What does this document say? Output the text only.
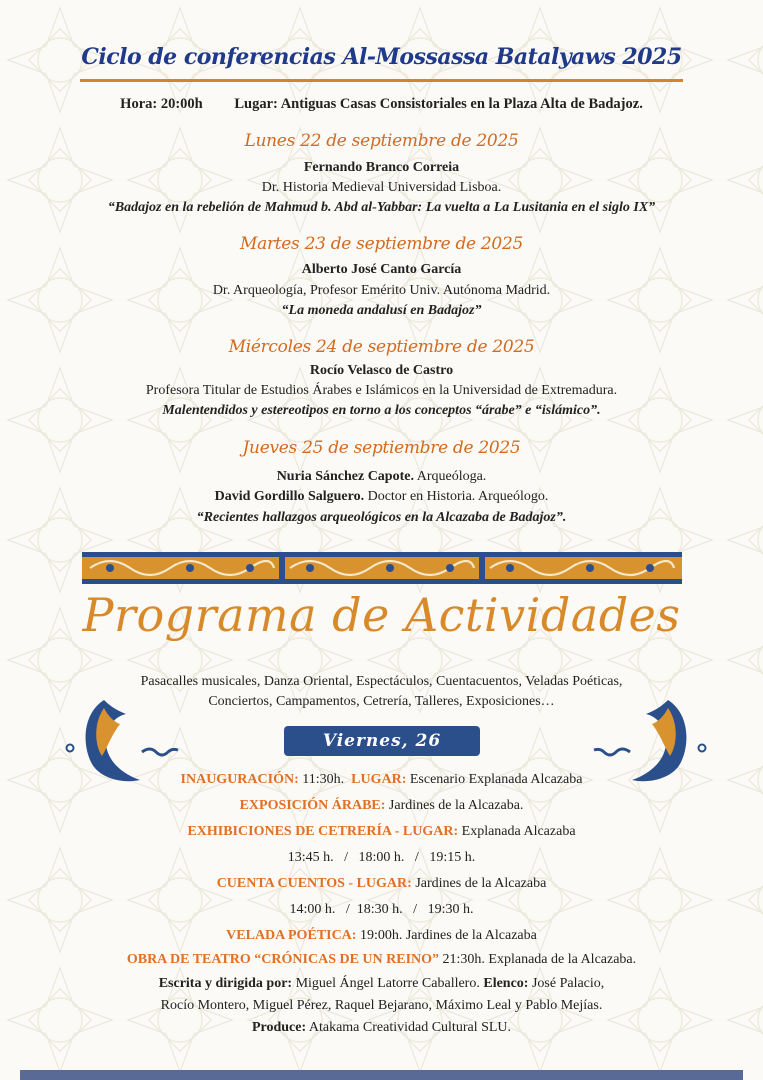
Ciclo de conferencias Al-Mossassa Batalyaws 2025
Hora: 20:00h Lugar: Antiguas Casas Consistoriales en la Plaza Alta de Badajoz.
Lunes 22 de septiembre de 2025
Fernando Branco Correia
Dr. Historia Medieval Universidad Lisboa.
“Badajoz en la rebelión de Mahmud b. Abd al-Yabbar: La vuelta a La Lusitania en el siglo IX”
Martes 23 de septiembre de 2025
Alberto José Canto García
Dr. Arqueología, Profesor Emérito Univ. Autónoma Madrid.
“La moneda andalusí en Badajoz”
Miércoles 24 de septiembre de 2025
Rocío Velasco de Castro
Profesora Titular de Estudios Árabes e Islámicos en la Universidad de Extremadura.
Malentendidos y estereotipos en torno a los conceptos “árabe” e “islámico”.
Jueves 25 de septiembre de 2025
Nuria Sánchez Capote. Arqueóloga.
David Gordillo Salguero. Doctor en Historia. Arqueólogo.
“Recientes hallazgos arqueológicos en la Alcazaba de Badajoz”.
Programa de Actividades
Pasacalles musicales, Danza Oriental, Espectáculos, Cuentacuentos, Veladas Poéticas,
Conciertos, Campamentos, Cetrería, Talleres, Exposiciones…
Viernes, 26
INAUGURACIÓN: 11:30h. LUGAR: Escenario Explanada Alcazaba
EXPOSICIÓN ÁRABE: Jardines de la Alcazaba.
EXHIBICIONES DE CETRERÍA - LUGAR: Explanada Alcazaba
13:45 h.   /   18:00 h.   /   19:15 h.
CUENTA CUENTOS - LUGAR: Jardines de la Alcazaba
14:00 h.   /  18:30 h.   /   19:30 h.
VELADA POÉTICA: 19:00h. Jardines de la Alcazaba
OBRA DE TEATRO “CRÓNICAS DE UN REINO” 21:30h. Explanada de la Alcazaba.
Escrita y dirigida por: Miguel Ángel Latorre Caballero. Elenco: José Palacio,
Rocío Montero, Miguel Pérez, Raquel Bejarano, Máximo Leal y Pablo Mejías.
Produce: Atakama Creatividad Cultural SLU.
